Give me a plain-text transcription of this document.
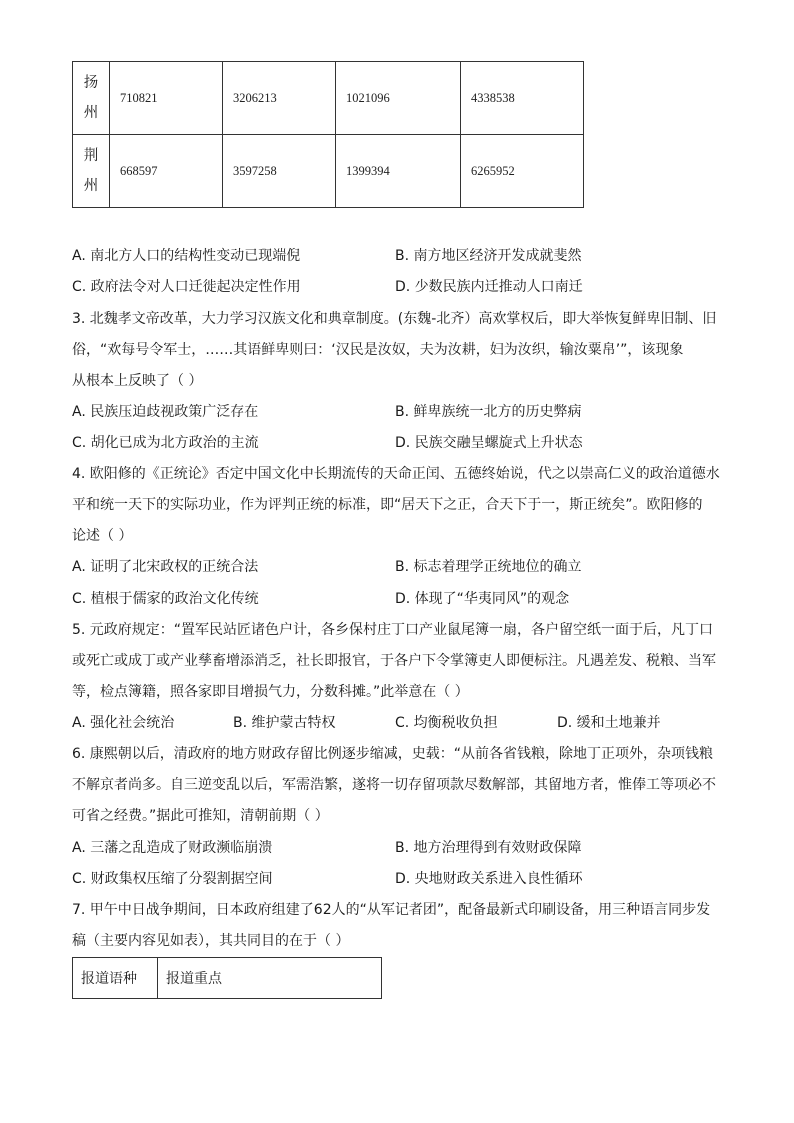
扬
州	710821	3206213	1021096	4338538
荆
州	668597	3597258	1399394	6265952
A. 南北方人口的结构性变动已现端倪	B. 南方地区经济开发成就斐然
C. 政府法令对人口迁徙起决定性作用	D. 少数民族内迁推动人口南迁
3. 北魏孝文帝改革，大力学习汉族文化和典章制度。(东魏-北齐）高欢掌权后，即大举恢复鲜卑旧制、旧
俗，“欢每号令军士，……其语鲜卑则曰：‘汉民是汝奴，夫为汝耕，妇为汝织，输汝粟帛’”，该现象
从根本上反映了（ ）
A. 民族压迫歧视政策广泛存在	B. 鲜卑族统一北方的历史弊病
C. 胡化已成为北方政治的主流	D. 民族交融呈螺旋式上升状态
4. 欧阳修的《正统论》否定中国文化中长期流传的天命正闰、五德终始说，代之以崇高仁义的政治道德水
平和统一天下的实际功业，作为评判正统的标准，即“居天下之正，合天下于一，斯正统矣”。欧阳修的
论述（ ）
A. 证明了北宋政权的正统合法	B. 标志着理学正统地位的确立
C. 植根于儒家的政治文化传统	D. 体现了“华夷同风”的观念
5. 元政府规定：“置军民站匠诸色户计，各乡保村庄丁口产业鼠尾簿一扇，各户留空纸一面于后，凡丁口
或死亡或成丁或产业孳畜增添消乏，社长即报官，于各户下令掌簿吏人即便标注。凡遇差发、税粮、当军
等，检点簿籍，照各家即目增损气力，分数科摊。”此举意在（ ）
A. 强化社会统治	B. 维护蒙古特权	C. 均衡税收负担	D. 缓和土地兼并
6. 康熙朝以后，清政府的地方财政存留比例逐步缩减，史载：“从前各省钱粮，除地丁正项外，杂项钱粮
不解京者尚多。自三逆变乱以后，军需浩繁，遂将一切存留项款尽数解部，其留地方者，惟俸工等项必不
可省之经费。”据此可推知，清朝前期（ ）
A. 三藩之乱造成了财政濒临崩溃	B. 地方治理得到有效财政保障
C. 财政集权压缩了分裂割据空间	D. 央地财政关系进入良性循环
7. 甲午中日战争期间，日本政府组建了62人的“从军记者团”，配备最新式印刷设备，用三种语言同步发
稿（主要内容见如表），其共同目的在于（ ）
报道语种	报道重点
